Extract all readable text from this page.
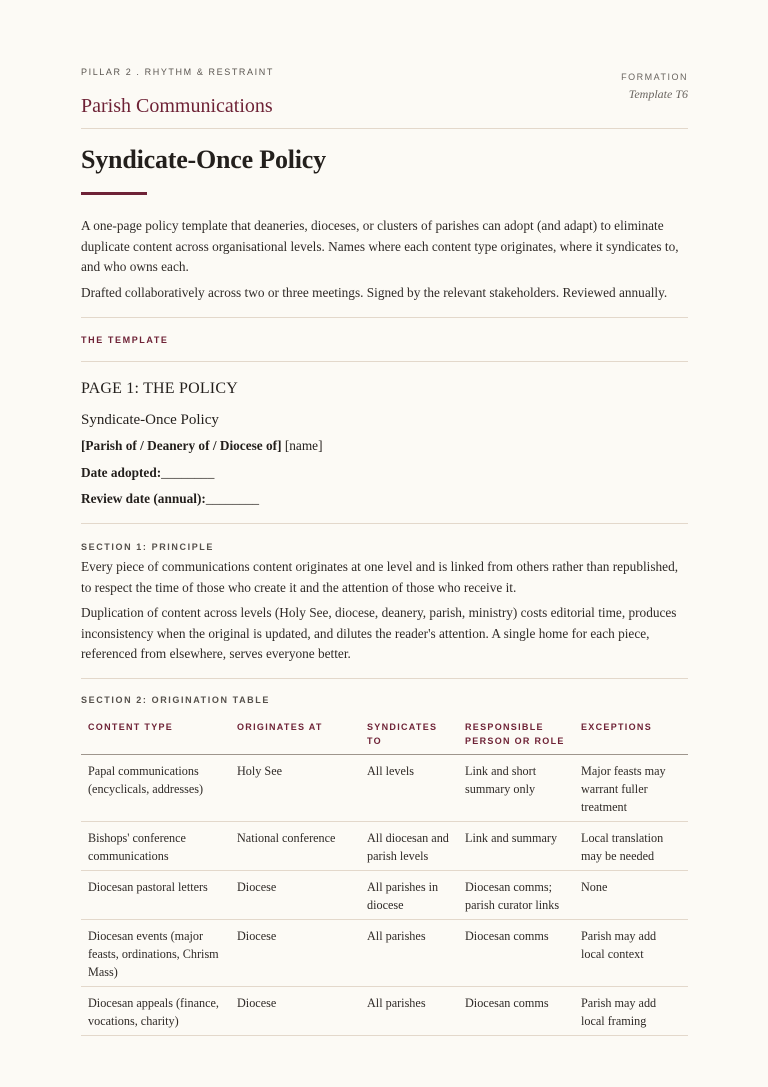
PILLAR 2 . RHYTHM & RESTRAINT
Parish Communications
FORMATION
Template T6
Syndicate-Once Policy

A one-page policy template that deaneries, dioceses, or clusters of parishes can adopt (and adapt) to eliminate duplicate content across organisational levels. Names where each content type originates, where it syndicates to, and who owns each.

Drafted collaboratively across two or three meetings. Signed by the relevant stakeholders. Reviewed annually.

THE TEMPLATE
PAGE 1: THE POLICY
Syndicate-Once Policy
[Parish of / Deanery of / Diocese of] [name]
Date adopted:________
Review date (annual):________
SECTION 1: PRINCIPLE

Every piece of communications content originates at one level and is linked from others rather than republished, to respect the time of those who create it and the attention of those who receive it.

Duplication of content across levels (Holy See, diocese, deanery, parish, ministry) costs editorial time, produces inconsistency when the original is updated, and dilutes the reader's attention. A single home for each piece, referenced from elsewhere, serves everyone better.

SECTION 2: ORIGINATION TABLE
CONTENT TYPE	ORIGINATES AT	SYNDICATES TO	RESPONSIBLE PERSON OR ROLE	EXCEPTIONS
Papal communications (encyclicals, addresses)	Holy See	All levels	Link and short summary only	Major feasts may warrant fuller treatment
Bishops' conference communications	National conference	All diocesan and parish levels	Link and summary	Local translation may be needed
Diocesan pastoral letters	Diocese	All parishes in diocese	Diocesan comms; parish curator links	None
Diocesan events (major feasts, ordinations, Chrism Mass)	Diocese	All parishes	Diocesan comms	Parish may add local context
Diocesan appeals (finance, vocations, charity)	Diocese	All parishes	Diocesan comms	Parish may add local framing
